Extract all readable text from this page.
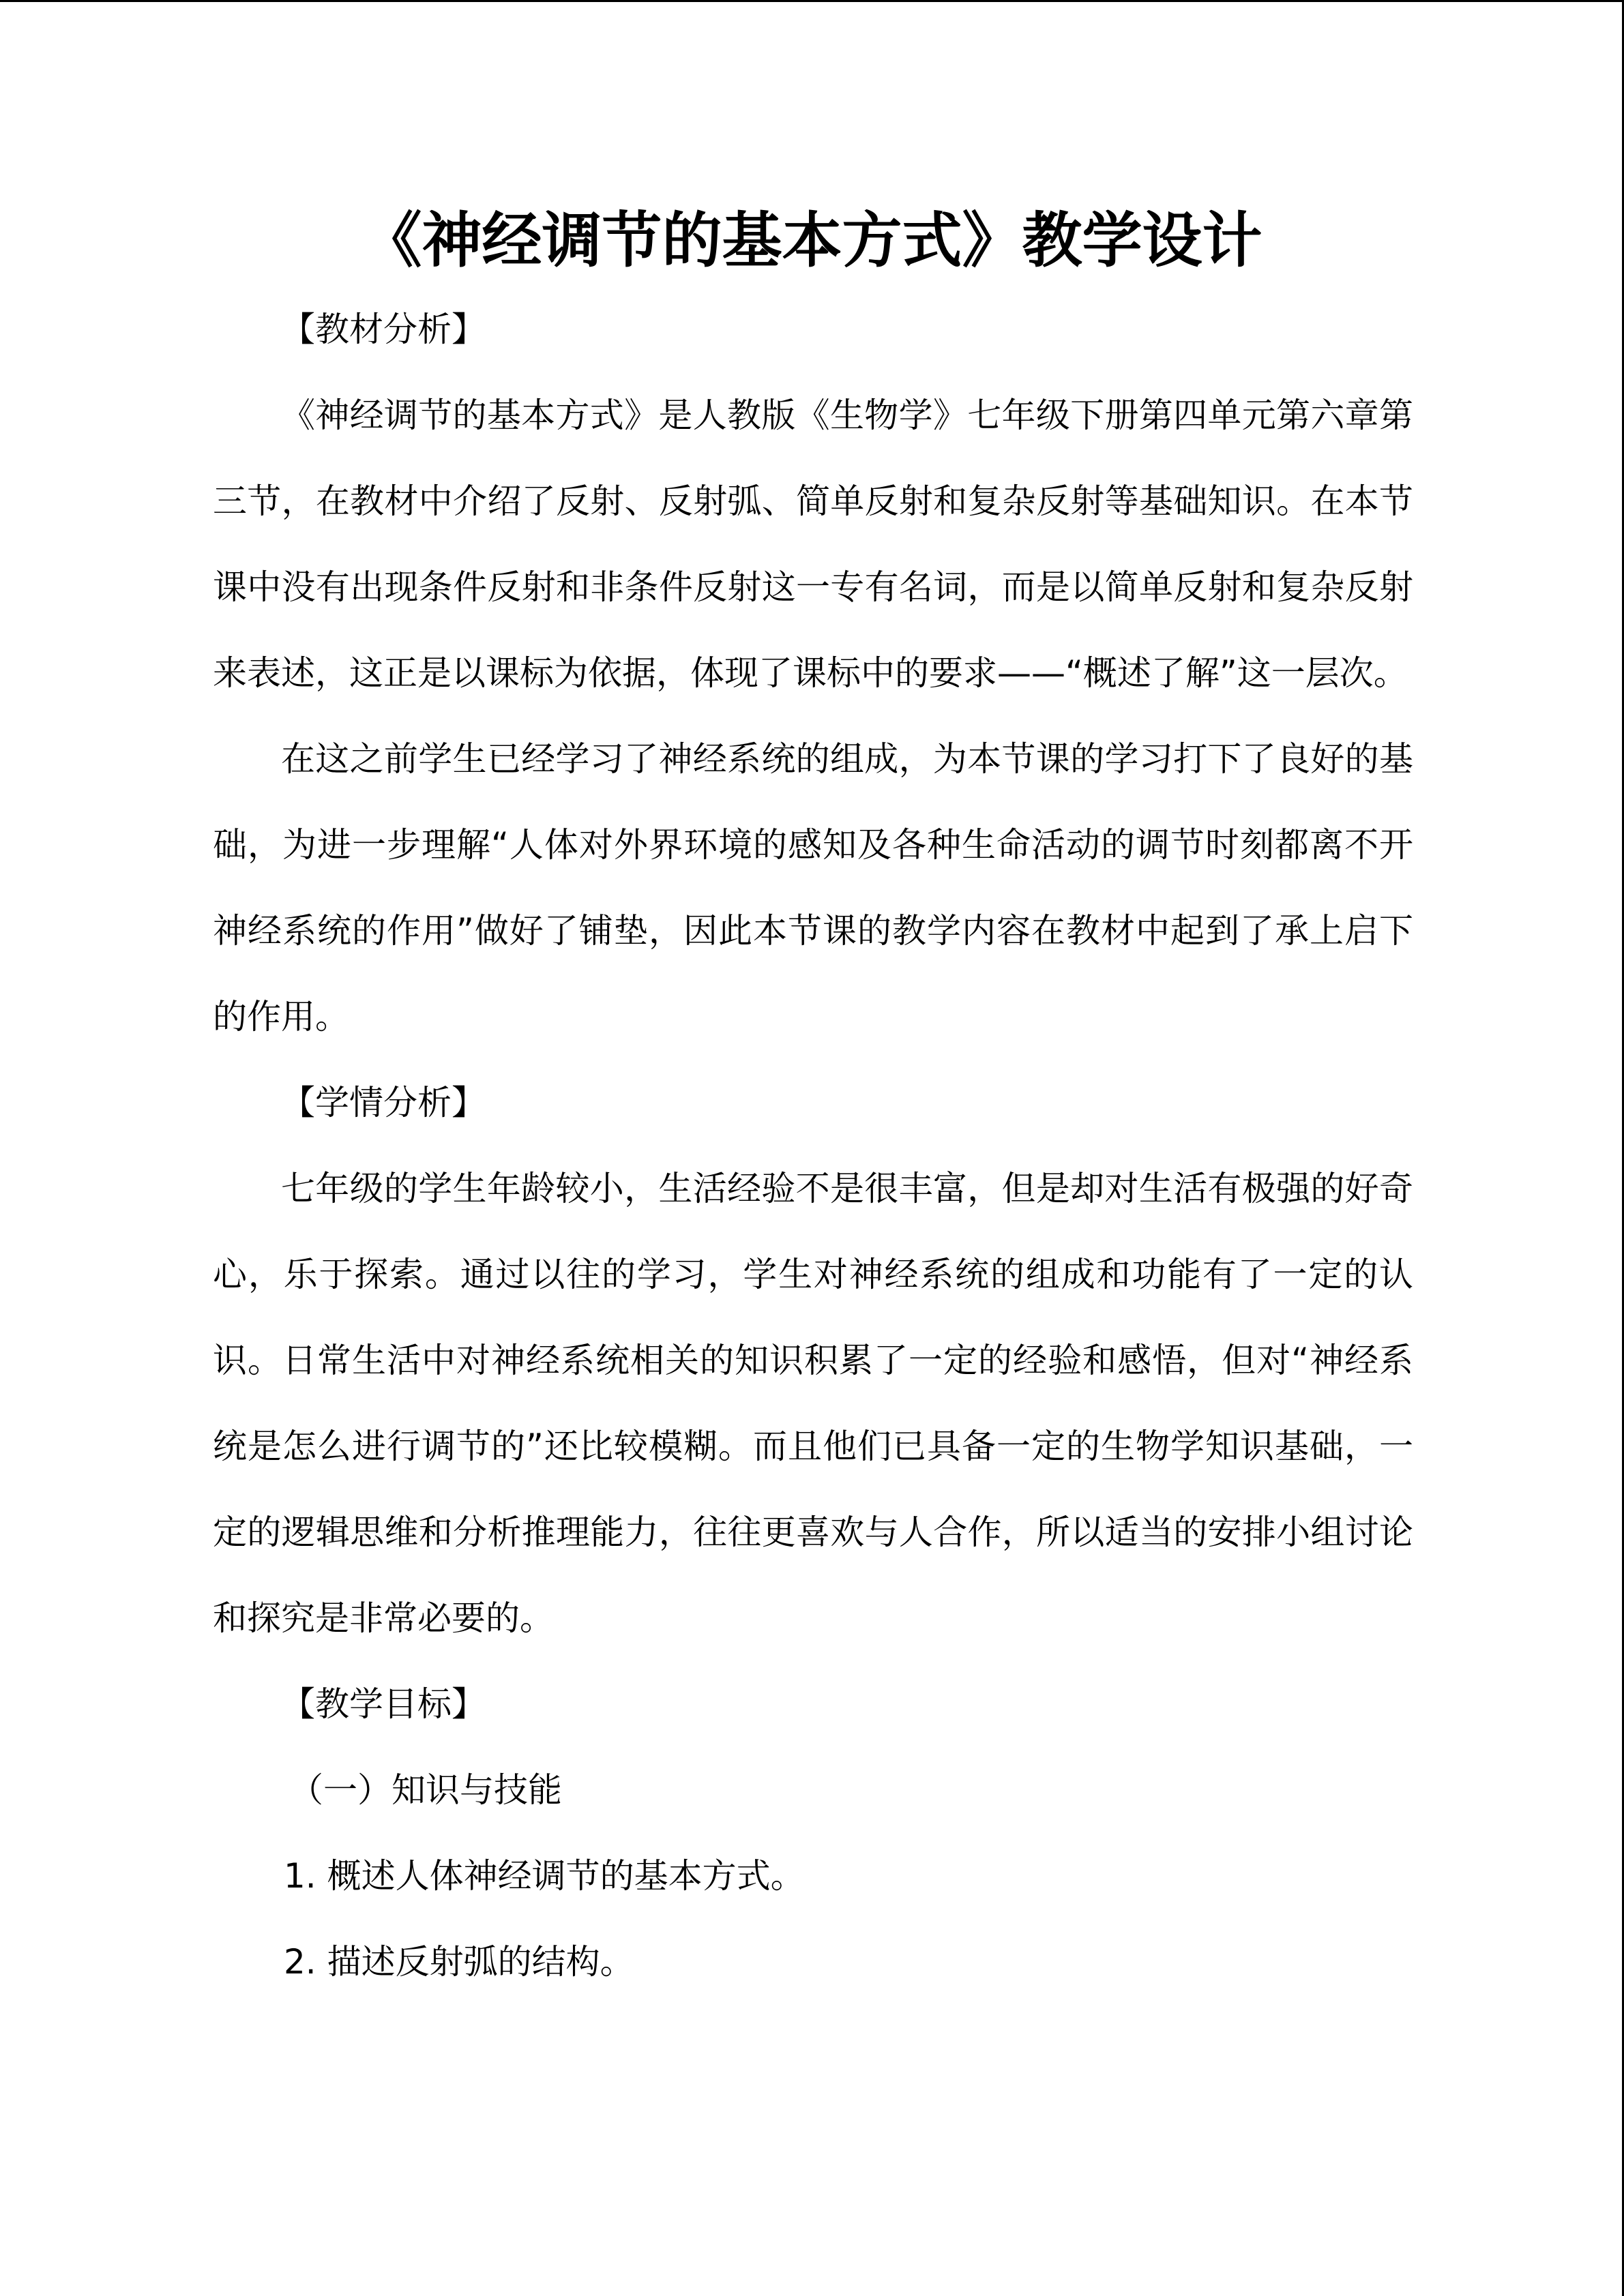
《神经调节的基本方式》教学设计

【教材分析】

《神经调节的基本方式》是人教版《生物学》七年级下册第四单元第六章第三节，在教材中介绍了反射、反射弧、简单反射和复杂反射等基础知识。在本节课中没有出现条件反射和非条件反射这一专有名词，而是以简单反射和复杂反射来表述，这正是以课标为依据，体现了课标中的要求——“概述了解”这一层次。

在这之前学生已经学习了神经系统的组成，为本节课的学习打下了良好的基础，为进一步理解“人体对外界环境的感知及各种生命活动的调节时刻都离不开神经系统的作用”做好了铺垫，因此本节课的教学内容在教材中起到了承上启下的作用。

【学情分析】

七年级的学生年龄较小，生活经验不是很丰富，但是却对生活有极强的好奇心，乐于探索。通过以往的学习，学生对神经系统的组成和功能有了一定的认识。日常生活中对神经系统相关的知识积累了一定的经验和感悟，但对“神经系统是怎么进行调节的”还比较模糊。而且他们已具备一定的生物学知识基础，一定的逻辑思维和分析推理能力，往往更喜欢与人合作，所以适当的安排小组讨论和探究是非常必要的。

【教学目标】

（一）知识与技能

1. 概述人体神经调节的基本方式。

2. 描述反射弧的结构。
